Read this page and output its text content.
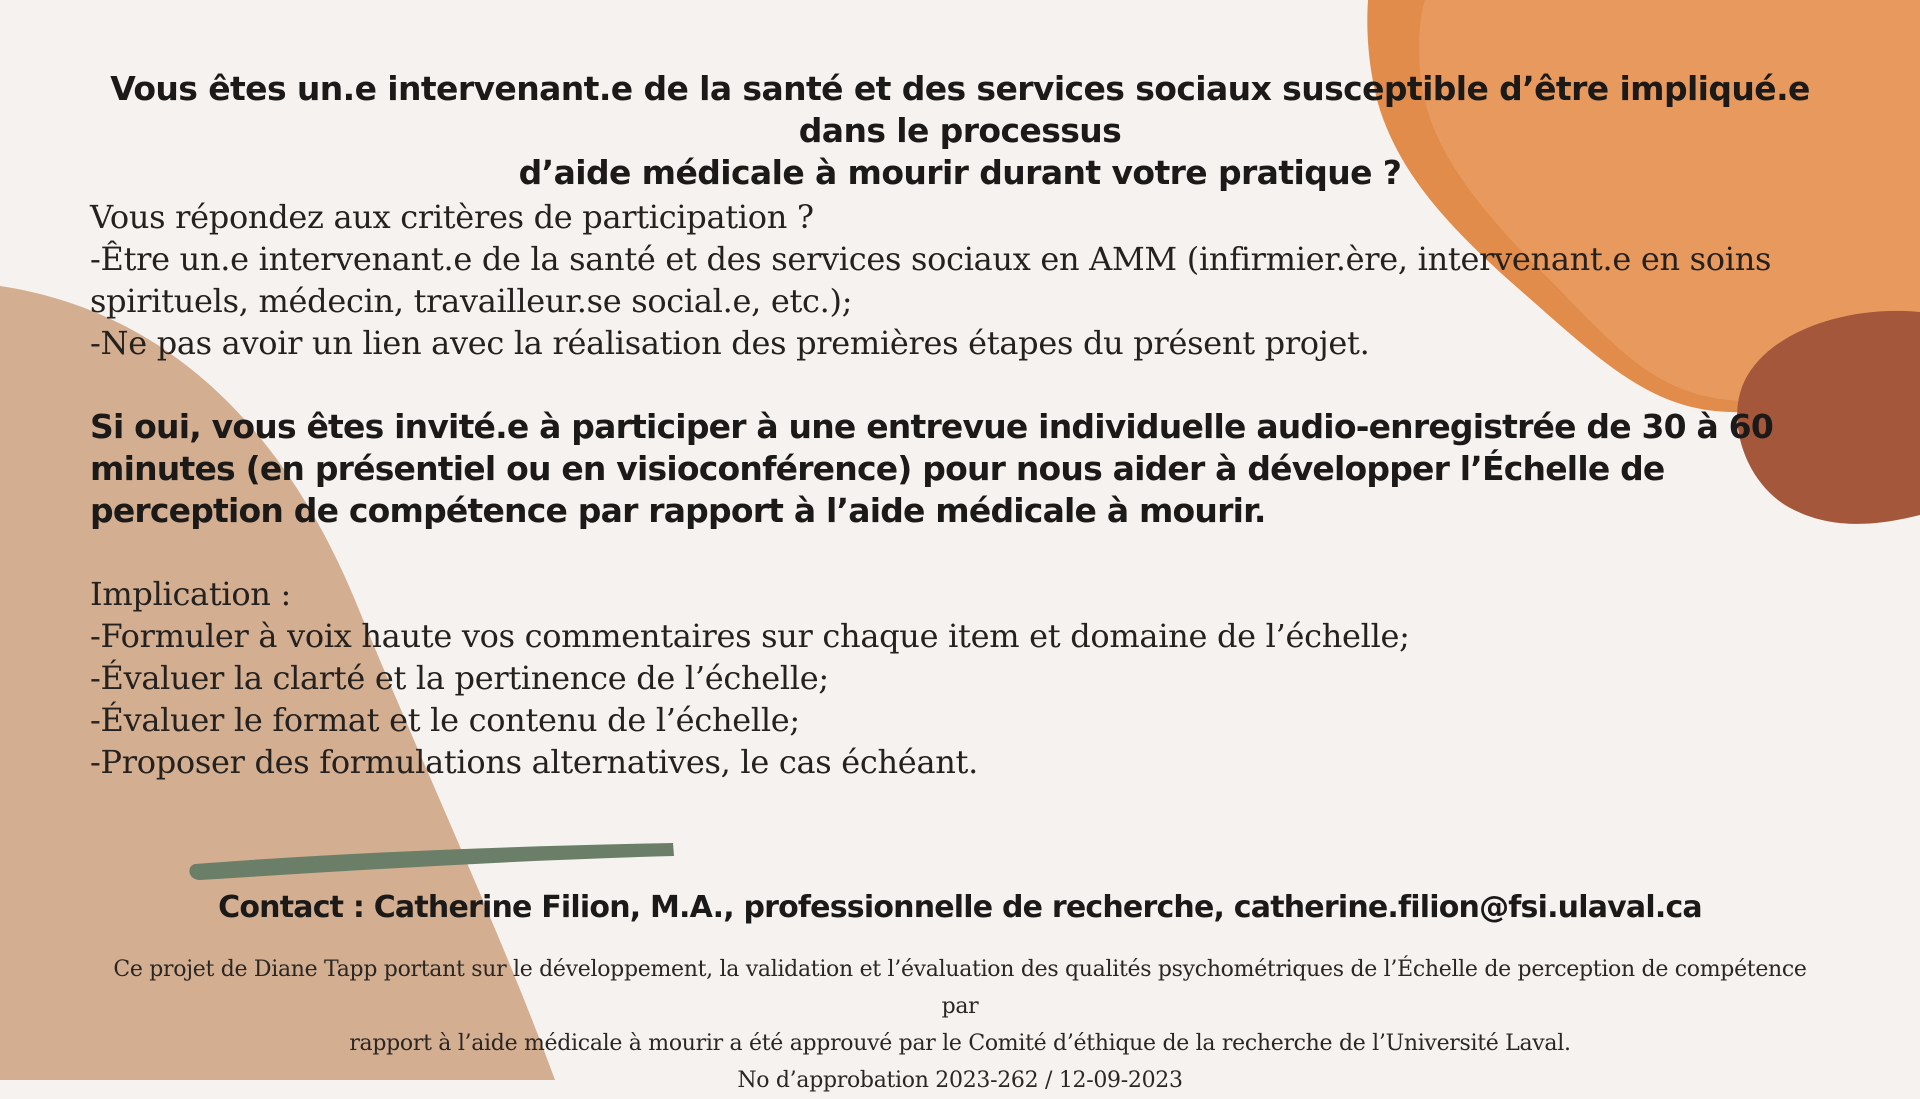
Vous êtes un.e intervenant.e de la santé et des services sociaux susceptible d’être impliqué.e dans le processus
d’aide médicale à mourir durant votre pratique ?

Vous répondez aux critères de participation ?

-Être un.e intervenant.e de la santé et des services sociaux en AMM (infirmier.ère, intervenant.e en soins spirituels, médecin, travailleur.se social.e, etc.);

-Ne pas avoir un lien avec la réalisation des premières étapes du présent projet.

Si oui, vous êtes invité.e à participer à une entrevue individuelle audio-enregistrée de 30 à 60 minutes (en présentiel ou en visioconférence) pour nous aider à développer l’Échelle de perception de compétence par rapport à l’aide médicale à mourir.

Implication :

-Formuler à voix haute vos commentaires sur chaque item et domaine de l’échelle;

-Évaluer la clarté et la pertinence de l’échelle;

-Évaluer le format et le contenu de l’échelle;

-Proposer des formulations alternatives, le cas échéant.

Contact : Catherine Filion, M.A., professionnelle de recherche, catherine.filion@fsi.ulaval.ca

Ce projet de Diane Tapp portant sur le développement, la validation et l’évaluation des qualités psychométriques de l’Échelle de perception de compétence par

rapport à l’aide médicale à mourir a été approuvé par le Comité d’éthique de la recherche de l’Université Laval.

No d’approbation 2023-262 / 12-09-2023
